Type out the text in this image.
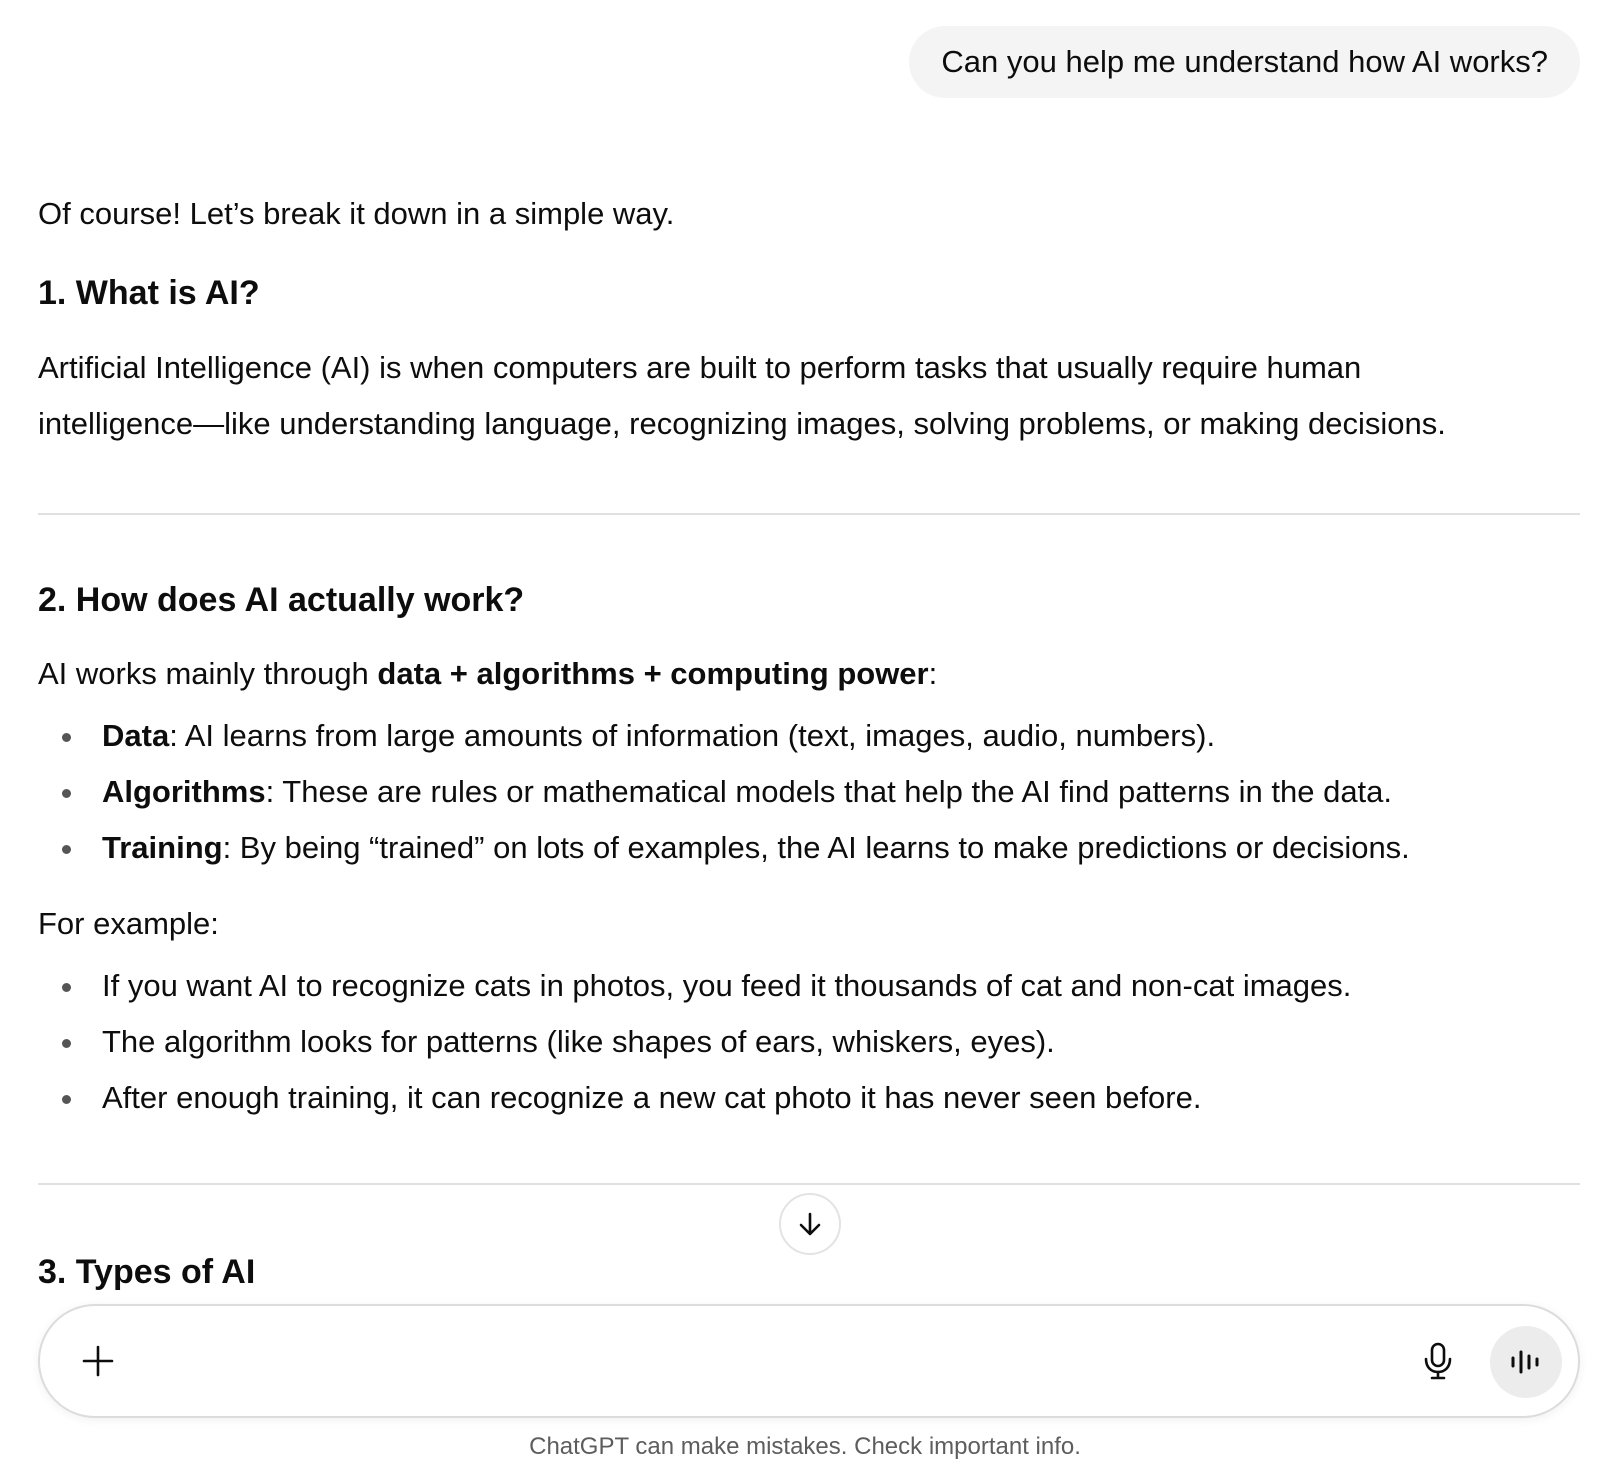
Can you help me understand how AI works?

Of course! Let’s break it down in a simple way.

1. What is AI?

Artificial Intelligence (AI) is when computers are built to perform tasks that usually require human

intelligence—like understanding language, recognizing images, solving problems, or making decisions.

2. How does AI actually work?

AI works mainly through data + algorithms + computing power:

Data: AI learns from large amounts of information (text, images, audio, numbers).
Algorithms: These are rules or mathematical models that help the AI find patterns in the data.
Training: By being “trained” on lots of examples, the AI learns to make predictions or decisions.

For example:

If you want AI to recognize cats in photos, you feed it thousands of cat and non-cat images.
The algorithm looks for patterns (like shapes of ears, whiskers, eyes).
After enough training, it can recognize a new cat photo it has never seen before.
3. Types of AI
ChatGPT can make mistakes. Check important info.
